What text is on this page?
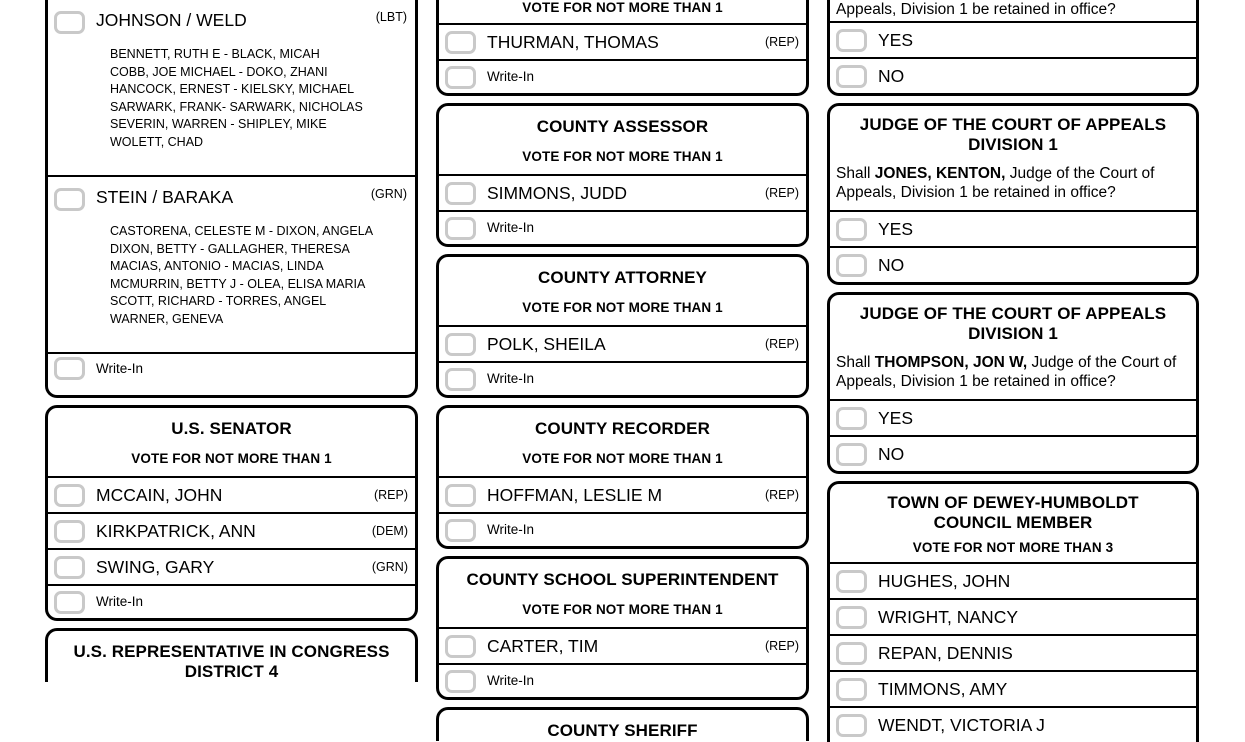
JOHNSON / WELD	(LBT)
BENNETT, RUTH E - BLACK, MICAH
COBB, JOE MICHAEL - DOKO, ZHANI
HANCOCK, ERNEST - KIELSKY, MICHAEL
SARWARK, FRANK- SARWARK, NICHOLAS
SEVERIN, WARREN - SHIPLEY, MIKE
WOLETT, CHAD
STEIN / BARAKA	(GRN)
CASTORENA, CELESTE M - DIXON, ANGELA
DIXON, BETTY - GALLAGHER, THERESA
MACIAS, ANTONIO - MACIAS, LINDA
MCMURRIN, BETTY J - OLEA, ELISA MARIA
SCOTT, RICHARD - TORRES, ANGEL
WARNER, GENEVA
Write-In
U.S. SENATOR
VOTE FOR NOT MORE THAN 1
MCCAIN, JOHN	(REP)
KIRKPATRICK, ANN	(DEM)
SWING, GARY	(GRN)
Write-In
U.S. REPRESENTATIVE IN CONGRESS
DISTRICT 4
VOTE FOR NOT MORE THAN 1
THURMAN, THOMAS	(REP)
Write-In
COUNTY ASSESSOR
VOTE FOR NOT MORE THAN 1
SIMMONS, JUDD	(REP)
Write-In
COUNTY ATTORNEY
VOTE FOR NOT MORE THAN 1
POLK, SHEILA	(REP)
Write-In
COUNTY RECORDER
VOTE FOR NOT MORE THAN 1
HOFFMAN, LESLIE M	(REP)
Write-In
COUNTY SCHOOL SUPERINTENDENT
VOTE FOR NOT MORE THAN 1
CARTER, TIM	(REP)
Write-In
COUNTY SHERIFF
Appeals, Division 1 be retained in office?
YES
NO
JUDGE OF THE COURT OF APPEALS
DIVISION 1
Shall JONES, KENTON, Judge of the Court of Appeals, Division 1 be retained in office?
YES
NO
JUDGE OF THE COURT OF APPEALS
DIVISION 1
Shall THOMPSON, JON W, Judge of the Court of Appeals, Division 1 be retained in office?
YES
NO
TOWN OF DEWEY-HUMBOLDT
COUNCIL MEMBER
VOTE FOR NOT MORE THAN 3
HUGHES, JOHN
WRIGHT, NANCY
REPAN, DENNIS
TIMMONS, AMY
WENDT, VICTORIA J
